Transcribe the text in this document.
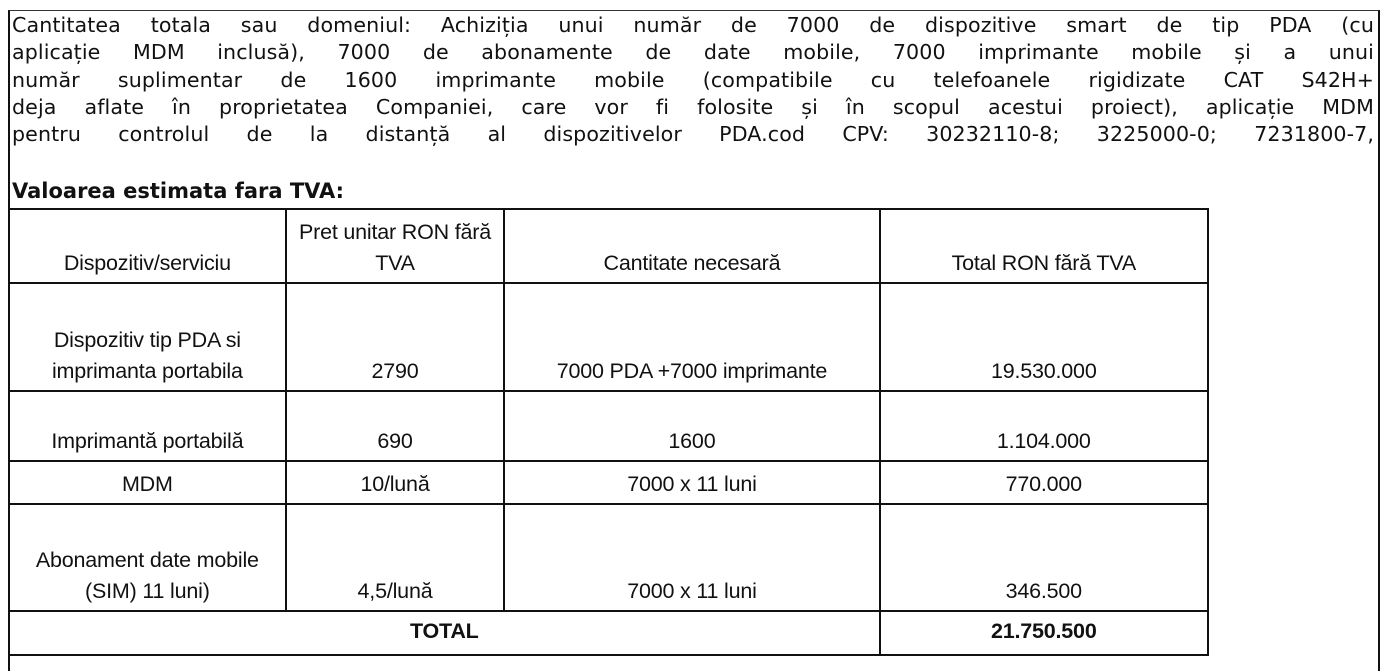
Cantitatea totala sau domeniul: Achiziția unui număr de 7000 de dispozitive smart de tip PDA (cu
aplicație MDM inclusă), 7000 de abonamente de date mobile, 7000 imprimante mobile și a unui
număr suplimentar de 1600 imprimante mobile (compatibile cu telefoanele rigidizate CAT S42H+
deja aflate în proprietatea Companiei, care vor fi folosite și în scopul acestui proiect), aplicație MDM
pentru controlul de la distanță al dispozitivelor PDA.cod CPV: 30232110-8; 3225000-0; 7231800-7,
Valoarea estimata fara TVA:
Dispozitiv/serviciu	Pret unitar RON fără TVA	Cantitate necesară	Total RON fără TVA
Dispozitiv tip PDA si imprimanta portabila	2790	7000 PDA +7000 imprimante	19.530.000
Imprimantă portabilă	690	1600	1.104.000
MDM	10/lună	7000 x 11 luni	770.000
Abonament date mobile (SIM) 11 luni)	4,5/lună	7000 x 11 luni	346.500
TOTAL			21.750.500
